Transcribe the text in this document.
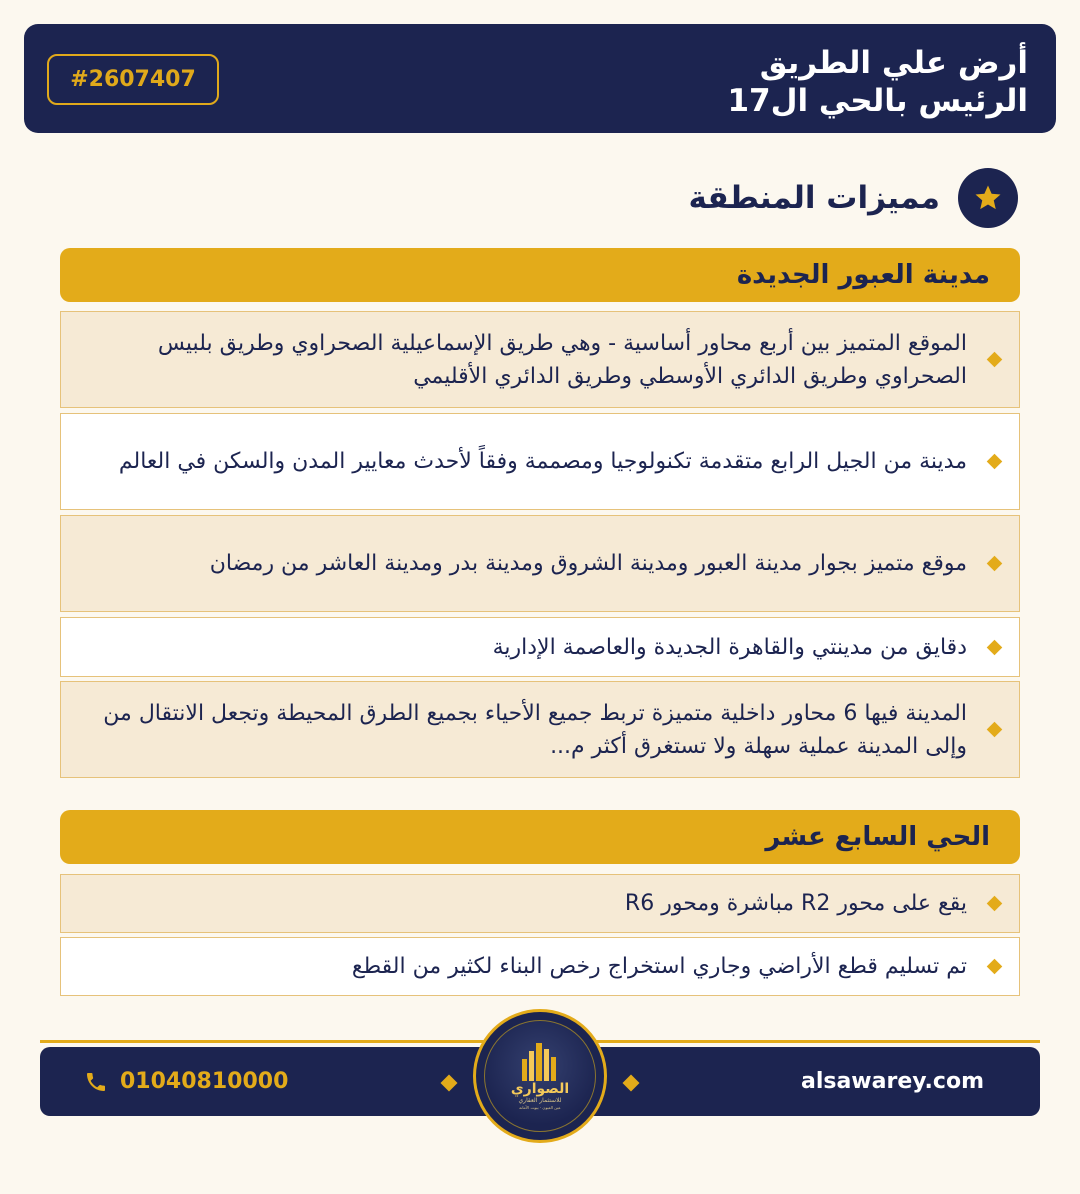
أرض علي الطريق
الرئيس بالحي ال17
#2607407
مميزات المنطقة
مدينة العبور الجديدة
الموقع المتميز بين أربع محاور أساسية - وهي طريق الإسماعيلية الصحراوي وطريق بلبيس الصحراوي وطريق الدائري الأوسطي وطريق الدائري الأقليمي
مدينة من الجيل الرابع متقدمة تكنولوجيا ومصممة وفقاً لأحدث معايير المدن والسكن في العالم
موقع متميز بجوار مدينة العبور ومدينة الشروق ومدينة بدر ومدينة العاشر من رمضان
دقايق من مدينتي والقاهرة الجديدة والعاصمة الإدارية
المدينة فيها 6 محاور داخلية متميزة تربط جميع الأحياء بجميع الطرق المحيطة وتجعل الانتقال من وإلى المدينة عملية سهلة ولا تستغرق أكثر م...
الحي السابع عشر
يقع على محور R2 مباشرة ومحور R6
تم تسليم قطع الأراضي وجاري استخراج رخص البناء لكثير من القطع
01040810000	alsawarey.com
الصواري
للاستثمار العقاري
عين العيون · بيوت الأمانة
